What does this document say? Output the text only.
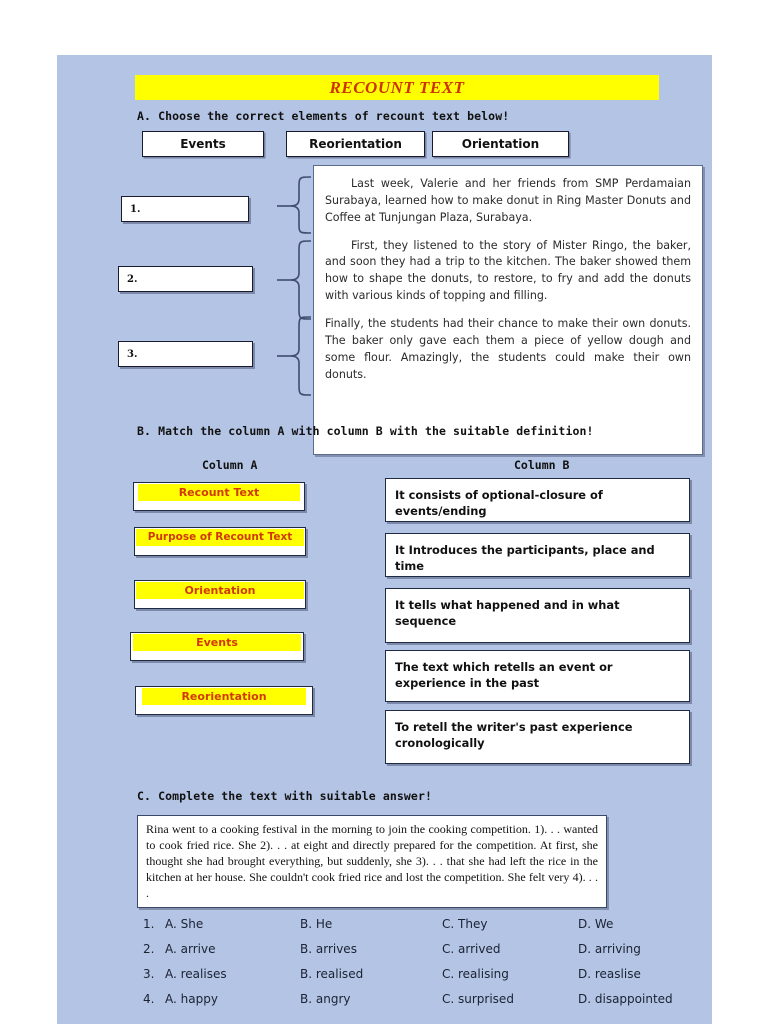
RECOUNT TEXT
A. Choose the correct elements of recount text below!
Events	Reorientation	Orientation
1.
2.
3.

Last week, Valerie and her friends from SMP Perdamaian Surabaya, learned how to make donut in Ring Master Donuts and Coffee at Tunjungan Plaza, Surabaya.

First, they listened to the story of Mister Ringo, the baker, and soon they had a trip to the kitchen. The baker showed them how to shape the donuts, to restore, to fry and add the donuts with various kinds of topping and filling.

Finally, the students had their chance to make their own donuts. The baker only gave each them a piece of yellow dough and some flour. Amazingly, the students could make their own donuts.

B. Match the column A with column B with the suitable definition!
Column A	Column B
Recount Text
Purpose of Recount Text
Orientation
Events
Reorientation
It consists of optional-closure of events/ending
It Introduces the participants, place and time
It tells what happened and in what sequence
The text which retells an event or experience in the past
To retell the writer's past experience cronologically
C. Complete the text with suitable answer!

Rina went to a cooking festival in the morning to join the cooking competition. 1). . . wanted to cook fried rice. She 2). . . at eight and directly prepared for the competition. At first, she thought she had brought everything, but suddenly, she 3). . . that she had left the rice in the kitchen at her house. She couldn't cook fried rice and lost the competition. She felt very 4). . . .

1. A. She	B. He	C. They	D. We
2. A. arrive	B. arrives	C. arrived	D. arriving
3. A. realises	B. realised	C. realising	D. reaslise
4. A. happy	B. angry	C. surprised	D. disappointed
